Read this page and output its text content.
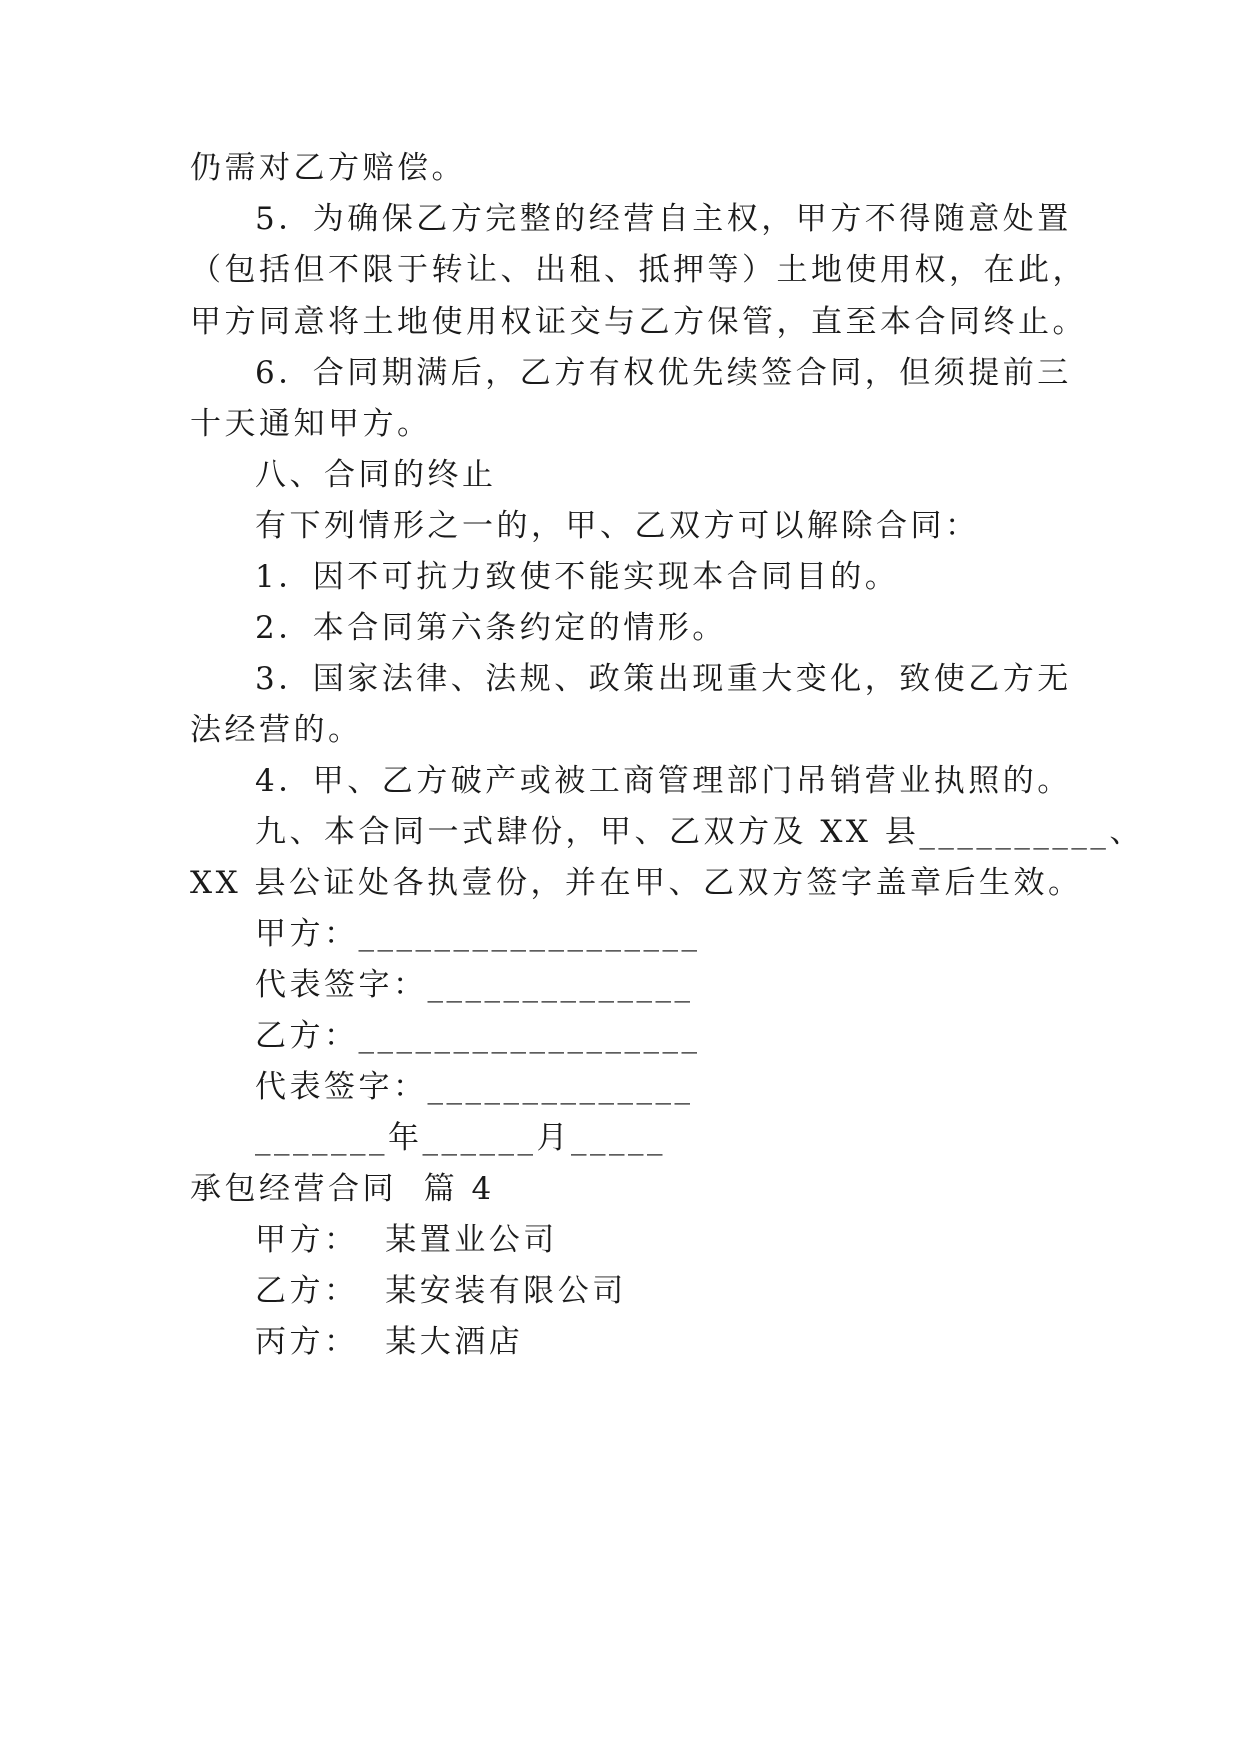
仍需对乙方赔偿。
5．为确保乙方完整的经营自主权，甲方不得随意处置
（包括但不限于转让、出租、抵押等）土地使用权，在此，
甲方同意将土地使用权证交与乙方保管，直至本合同终止。
6．合同期满后，乙方有权优先续签合同，但须提前三
十天通知甲方。
八、合同的终止
有下列情形之一的，甲、乙双方可以解除合同：
1．因不可抗力致使不能实现本合同目的。
2．本合同第六条约定的情形。
3．国家法律、法规、政策出现重大变化，致使乙方无
法经营的。
4．甲、乙方破产或被工商管理部门吊销营业执照的。
九、本合同一式肆份，甲、乙双方及 XX 县__________、
XX 县公证处各执壹份，并在甲、乙双方签字盖章后生效。
甲方：__________________
代表签字：______________
乙方：__________________
代表签字：______________
_______年______月_____
承包经营合同  篇 4
甲方：  某置业公司
乙方：  某安装有限公司
丙方：  某大酒店
